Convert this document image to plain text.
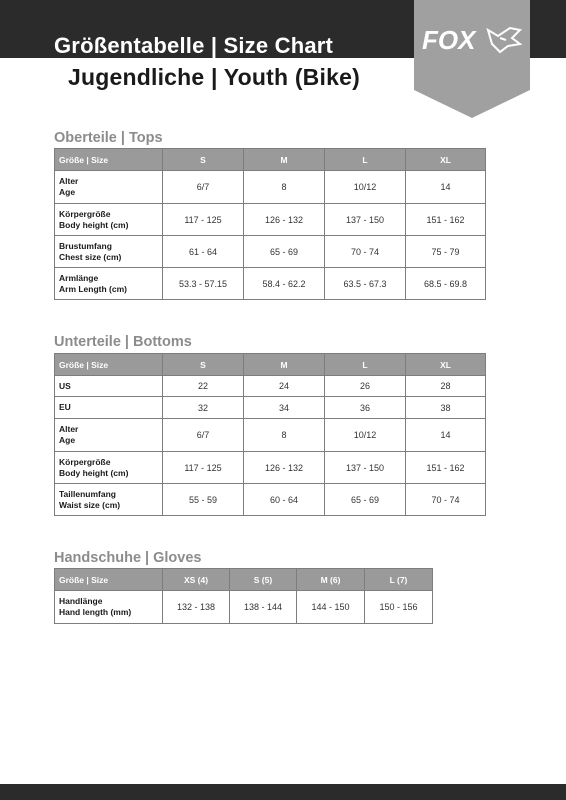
Größentabelle | Size Chart
Jugendliche | Youth (Bike)
FOX
Oberteile | Tops
Größe | Size	S	M	L	XL

Alter
Age	6/7	8	10/12	14

Körpergröße
Body height (cm)	117 - 125	126 - 132	137 - 150	151 - 162

Brustumfang
Chest size (cm)	61 - 64	65 - 69	70 - 74	75 - 79

Armlänge
Arm Length (cm)	53.3 - 57.15	58.4 - 62.2	63.5 - 67.3	68.5 - 69.8
Unterteile | Bottoms
Größe | Size	S	M	L	XL
US	22	24	26	28
EU	32	34	36	38

Alter
Age	6/7	8	10/12	14

Körpergröße
Body height (cm)	117 - 125	126 - 132	137 - 150	151 - 162

Taillenumfang
Waist size (cm)	55 - 59	60 - 64	65 - 69	70 - 74
Handschuhe | Gloves
Größe | Size	XS (4)	S (5)	M (6)	L (7)

Handlänge
Hand length (mm)	132 - 138	138 - 144	144 - 150	150 - 156
